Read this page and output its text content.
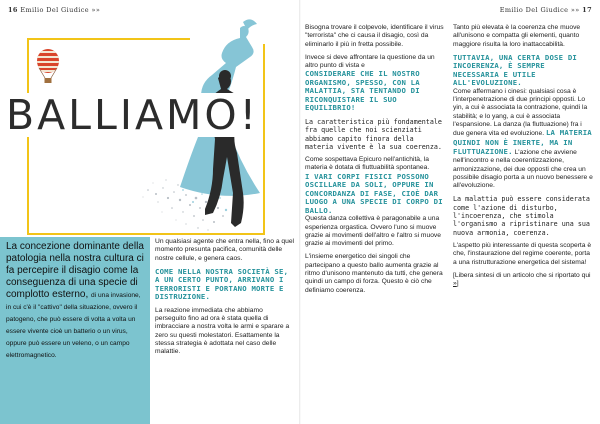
16 Emilio Del Giudice »»	Emilio Del Giudice »» 17
BALLIAMO!
La concezione dominante della patologia nella nostra cultura ci fa percepire il disagio come la conseguenza di una specie di complotto esterno, di una invasione, in cui c'è il "cattivo" della situazione, ovvero il patogeno, che può essere di volta a volta un essere vivente cioè un batterio o un virus, oppure può essere un veleno, o un campo elettromagnetico.

Un qualsiasi agente che entra nella, fino a quel momento presunta pacifica, comunità delle nostre cellule, e genera caos.

COME NELLA NOSTRA SOCIETÀ SE, A UN CERTO PUNTO, ARRIVANO I TERRORISTI E PORTANO MORTE E DISTRUZIONE.

La reazione immediata che abbiamo perseguito fino ad ora è stata quella di imbracciare a nostra volta le armi e sparare a zero su questi molestatori. Esattamente la stessa strategia è adottata nel caso delle malattie.

Bisogna trovare il colpevole, identificare il virus "terrorista" che ci causa il disagio, così da eliminarlo il più in fretta possibile.

Invece si deve affrontare la questione da un altro punto di vista e
CONSIDERARE CHE IL NOSTRO ORGANISMO, SPESSO, CON LA MALATTIA, STA TENTANDO DI RICONQUISTARE IL SUO EQUILIBRIO!

La caratteristica più fondamentale fra quelle che noi scienziati abbiamo capito finora della materia vivente è la sua coerenza.

Come sospettava Epicuro nell'antichità, la materia è dotata di fluttuabilità spontanea.
I VARI CORPI FISICI POSSONO OSCILLARE DA SOLI, OPPURE IN CONCORDANZA DI FASE, CIOÈ DAR LUOGO A UNA SPECIE DI CORPO DI BALLO.
Questa danza collettiva è paragonabile a una esperienza orgastica. Ovvero l'uno si muove grazie ai movimenti dell'altro e l'altro si muove grazie ai movimenti del primo.

L'insieme energetico dei singoli che partecipano a questo ballo aumenta grazie al ritmo d'unisono mantenuto da tutti, che genera quindi un campo di forza. Questo è ciò che definiamo coerenza.

Tanto più elevata è la coerenza che muove all'unisono e compatta gli elementi, quanto maggiore risulta la loro inattaccabilità.

TUTTAVIA, UNA CERTA DOSE DI INCOERENZA, È SEMPRE NECESSARIA E UTILE ALL'EVOLUZIONE.
Come affermano i cinesi: qualsiasi cosa è l'interpenetrazione di due principi opposti. Lo yin, a cui è associata la contrazione, quindi la stabilità; e lo yang, a cui è associata l'espansione. La danza (la fluttuazione) fra i due genera vita ed evoluzione. LA MATERIA QUINDI NON È INERTE, MA IN FLUTTUAZIONE. L'azione che avviene nell'incontro e nella coerentizzazione, armonizzazione, dei due opposti che crea un possibile disagio porta a un nuovo benessere e all'evoluzione.

La malattia può essere considerata come l'azione di disturbo, l'incoerenza, che stimola l'organismo a ripristinare una sua nuova armonia, coerenza.

L'aspetto più interessante di questa scoperta è che, l'instaurazione del regime coerente, porta a una ristrutturazione energetica del sistema!

[Libera sintesi di un articolo che si riportato qui »]
